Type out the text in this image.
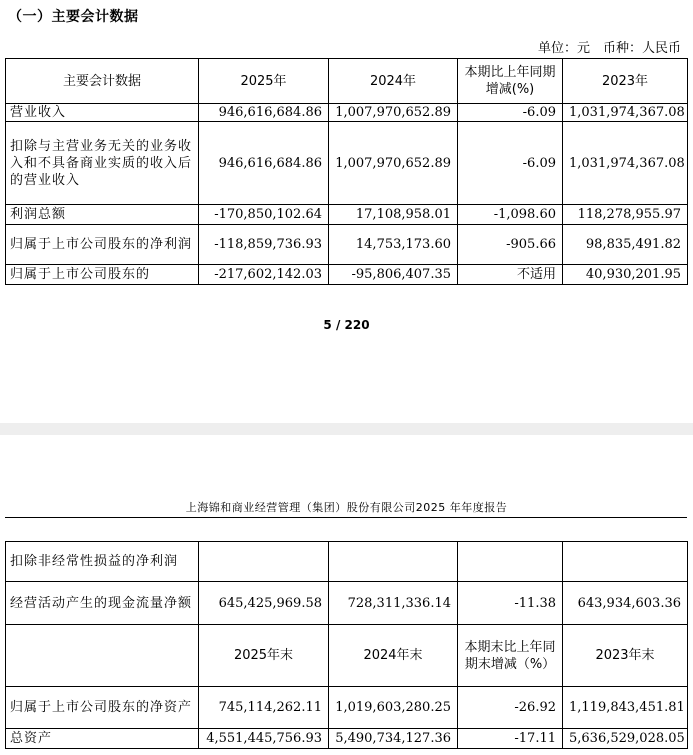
（一）主要会计数据
单位：元　币种：人民币
主要会计数据	2025年	2024年	本期比上年同期增减(%)	2023年
营业收入	946,616,684.86	1,007,970,652.89	-6.09	1,031,974,367.08
扣除与主营业务无关的业务收入和不具备商业实质的收入后的营业收入	946,616,684.86	1,007,970,652.89	-6.09	1,031,974,367.08
利润总额	-170,850,102.64	17,108,958.01	-1,098.60	118,278,955.97
归属于上市公司股东的净利润	-118,859,736.93	14,753,173.60	-905.66	98,835,491.82
归属于上市公司股东的	-217,602,142.03	-95,806,407.35	不适用	40,930,201.95
5 / 220
上海锦和商业经营管理（集团）股份有限公司2025 年年度报告
扣除非经常性损益的净利润				
经营活动产生的现金流量净额	645,425,969.58	728,311,336.14	-11.38	643,934,603.36
	2025年末	2024年末	本期末比上年同期末增减（%）	2023年末
归属于上市公司股东的净资产	745,114,262.11	1,019,603,280.25	-26.92	1,119,843,451.81
总资产	4,551,445,756.93	5,490,734,127.36	-17.11	5,636,529,028.05
